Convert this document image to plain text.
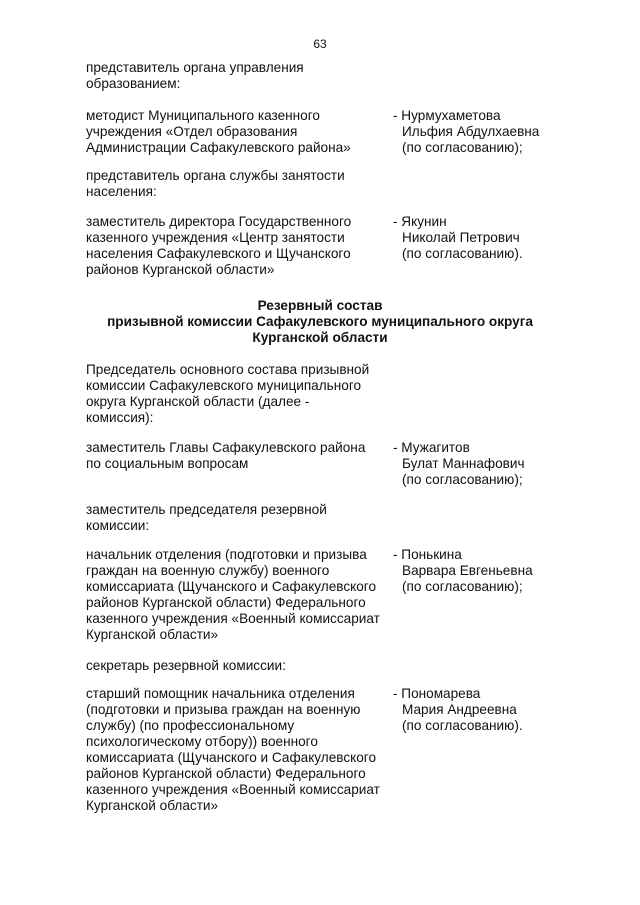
63
представитель органа управления
образованием:
методист Муниципального казенного
учреждения «Отдел образования
Администрации Сафакулевского района»
- Нурмухаметова
Ильфия Абдулхаевна
(по согласованию);
представитель органа службы занятости
населения:
заместитель директора Государственного
казенного учреждения «Центр занятости
населения Сафакулевского и Щучанского
районов Курганской области»
- Якунин
Николай Петрович
(по согласованию).
Резервный состав
призывной комиссии Сафакулевского муниципального округа
Курганской области
Председатель основного состава призывной
комиссии Сафакулевского муниципального
округа Курганской области (далее -
комиссия):
заместитель Главы Сафакулевского района
по социальным вопросам
- Мужагитов
Булат Маннафович
(по согласованию);
заместитель председателя резервной
комиссии:
начальник отделения (подготовки и призыва
граждан на военную службу) военного
комиссариата (Щучанского и Сафакулевского
районов Курганской области) Федерального
казенного учреждения «Военный комиссариат
Курганской области»
- Понькина
Варвара Евгеньевна
(по согласованию);
секретарь резервной комиссии:
старший помощник начальника отделения
(подготовки и призыва граждан на военную
службу) (по профессиональному
психологическому отбору)) военного
комиссариата (Щучанского и Сафакулевского
районов Курганской области) Федерального
казенного учреждения «Военный комиссариат
Курганской области»
- Пономарева
Мария Андреевна
(по согласованию).
